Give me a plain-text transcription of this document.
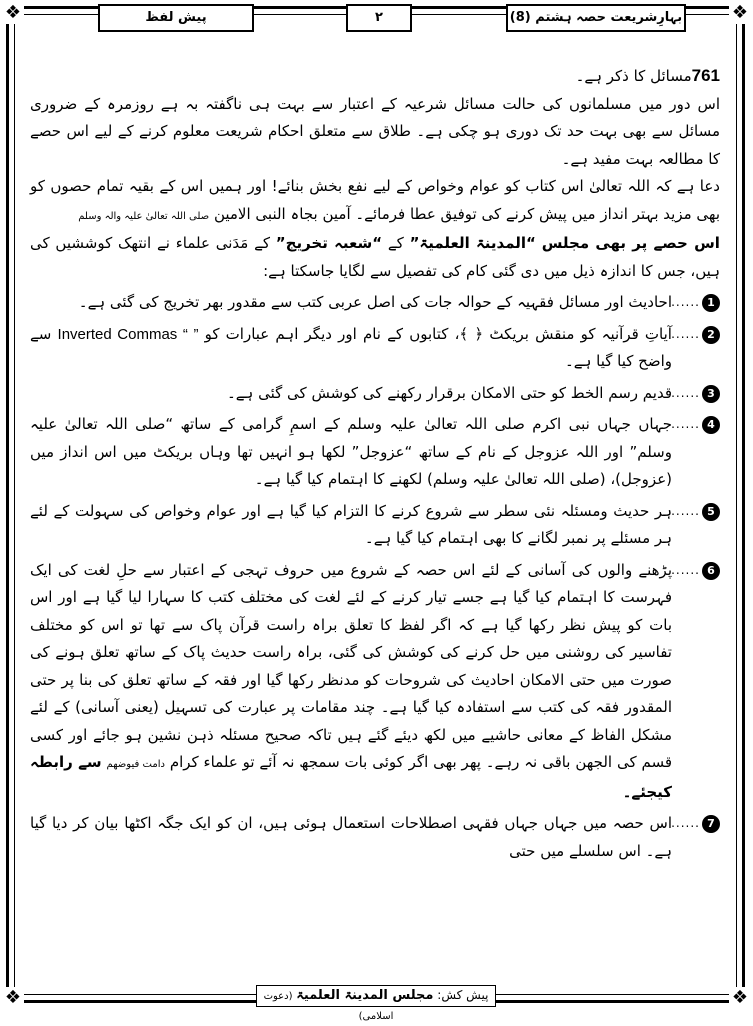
❖	❖
❖	❖
بہارِشریعت حصہ ہشتم (8)
۲
پیش لفظ

761مسائل کا ذکر ہے۔

اس دور میں مسلمانوں کی حالت مسائل شرعیہ کے اعتبار سے بہت ہی ناگفتہ بہ ہے روزمرہ کے ضروری مسائل سے بھی بہت حد تک دوری ہو چکی ہے۔ طلاق سے متعلق احکام شریعت معلوم کرنے کے لیے اس حصے کا مطالعہ بہت مفید ہے۔

دعا ہے کہ اللہ تعالیٰ اس کتاب کو عوام وخواص کے لیے نفع بخش بنائے! اور ہمیں اس کے بقیہ تمام حصوں کو بھی مزید بہتر انداز میں پیش کرنے کی توفیق عطا فرمائے۔ آمین بجاہ النبی الامین صلی اللہ تعالیٰ علیہ والہ وسلم

اس حصے پر بھی مجلس “المدینۃ العلمیۃ” کے “شعبہ تخریج” کے مَدَنی علماء نے انتھک کوششیں کی ہیں، جس کا اندازہ ذیل میں دی گئی کام کی تفصیل سے لگایا جاسکتا ہے:

1
......
احادیث اور مسائل فقہیہ کے حوالہ جات کی اصل عربی کتب سے مقدور بھر تخریج کی گئی ہے۔
2
......
آیاتِ قرآنیہ کو منقش بریکٹ ﴿ ﴾، کتابوں کے نام اور دیگر اہم عبارات کو Inverted Commas “ ” سے واضح کیا گیا ہے۔
3
......
قدیم رسم الخط کو حتی الامکان برقرار رکھنے کی کوشش کی گئی ہے۔
4
......
جہاں جہاں نبی اکرم صلی اللہ تعالیٰ علیہ وسلم کے اسمِ گرامی کے ساتھ “صلی اللہ تعالیٰ علیہ وسلم” اور اللہ عزوجل کے نام کے ساتھ “عزوجل” لکھا ہو انہیں تھا وہاں بریکٹ میں اس انداز میں (عزوجل)، (صلی اللہ تعالیٰ علیہ وسلم) لکھنے کا اہتمام کیا گیا ہے۔
5
......
ہر حدیث ومسئلہ نئی سطر سے شروع کرنے کا التزام کیا گیا ہے اور عوام وخواص کی سہولت کے لئے ہر مسئلے پر نمبر لگانے کا بھی اہتمام کیا گیا ہے۔
6
......
پڑھنے والوں کی آسانی کے لئے اس حصہ کے شروع میں حروف تہجی کے اعتبار سے حلِ لغت کی ایک فہرست کا اہتمام کیا گیا ہے جسے تیار کرنے کے لئے لغت کی مختلف کتب کا سہارا لیا گیا ہے اور اس بات کو پیش نظر رکھا گیا ہے کہ اگر لفظ کا تعلق براہ راست قرآن پاک سے تھا تو اس کو مختلف تفاسیر کی روشنی میں حل کرنے کی کوشش کی گئی، براہ راست حدیث پاک کے ساتھ تعلق ہونے کی صورت میں حتی الامکان احادیث کی شروحات کو مدنظر رکھا گیا اور فقہ کے ساتھ تعلق کی بنا پر حتی المقدور فقہ کی کتب سے استفادہ کیا گیا ہے۔ چند مقامات پر عبارت کی تسہیل (یعنی آسانی) کے لئے مشکل الفاظ کے معانی حاشیے میں لکھ دیئے گئے ہیں تاکہ صحیح مسئلہ ذہن نشین ہو جائے اور کسی قسم کی الجھن باقی نہ رہے۔ پھر بھی اگر کوئی بات سمجھ نہ آئے تو علماء کرام دامت فیوضھم سے رابطہ کیجئے۔
7
......
اس حصہ میں جہاں جہاں فقہی اصطلاحات استعمال ہوئی ہیں، ان کو ایک جگہ اکٹھا بیان کر دیا گیا ہے۔ اس سلسلے میں حتی
پیش کش: مجلس المدینۃ العلمیۃ (دعوت اسلامی)
